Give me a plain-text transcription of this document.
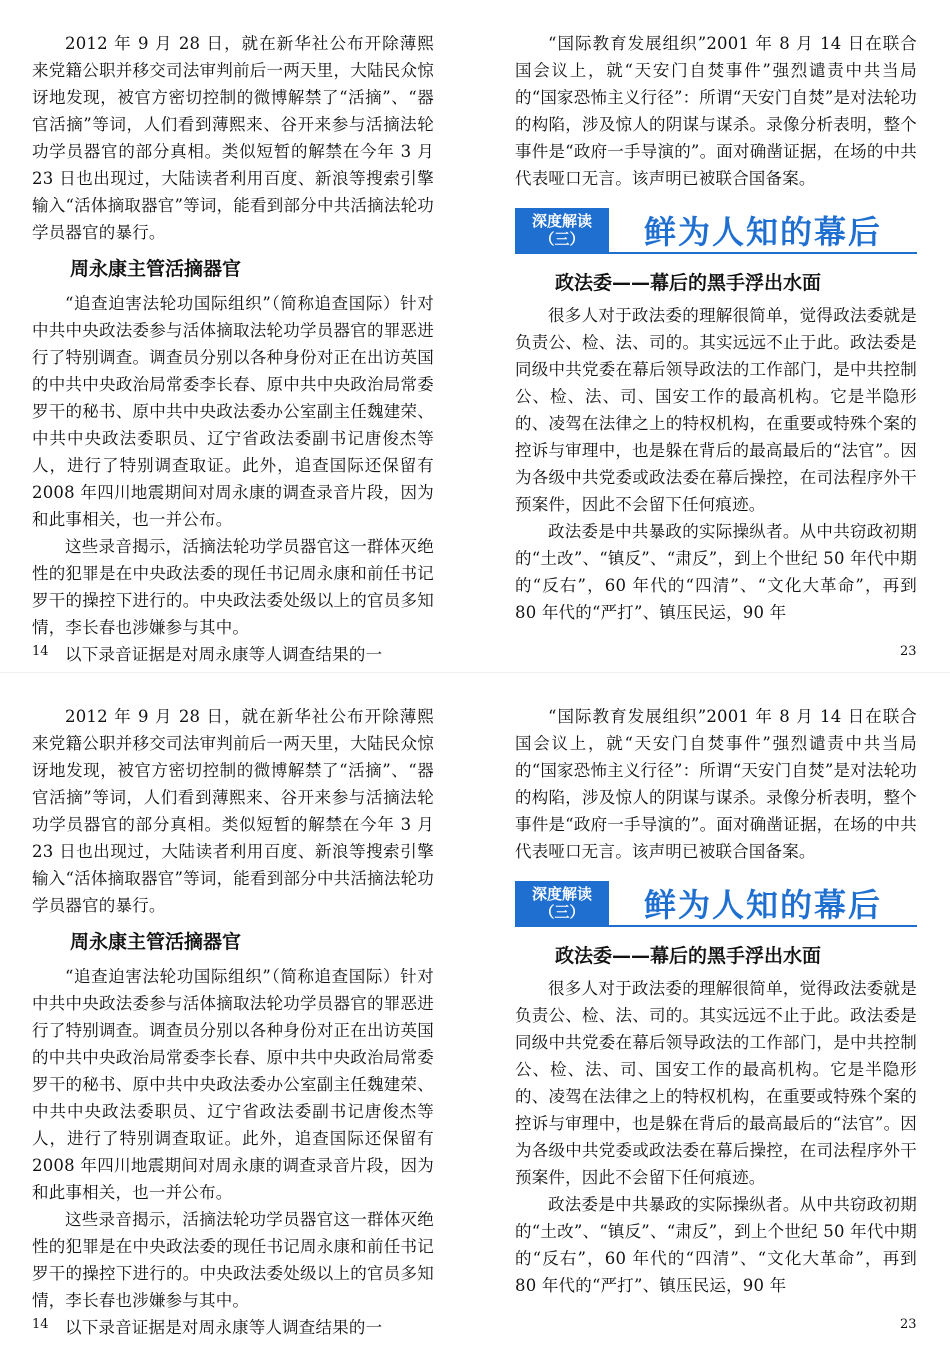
2012 年 9 月 28 日，就在新华社公布开除薄熙来党籍公职并移交司法审判前后一两天里，大陆民众惊讶地发现，被官方密切控制的微博解禁了“活摘”、“器官活摘”等词，人们看到薄熙来、谷开来参与活摘法轮功学员器官的部分真相。类似短暂的解禁在今年 3 月 23 日也出现过，大陆读者利用百度、新浪等搜索引擎输入“活体摘取器官”等词，能看到部分中共活摘法轮功学员器官的暴行。

周永康主管活摘器官

“追查迫害法轮功国际组织”（简称追查国际）针对中共中央政法委参与活体摘取法轮功学员器官的罪恶进行了特别调查。调查员分别以各种身份对正在出访英国的中共中央政治局常委李长春、原中共中央政治局常委罗干的秘书、原中共中央政法委办公室副主任魏建荣、中共中央政法委职员、辽宁省政法委副书记唐俊杰等人，进行了特别调查取证。此外，追查国际还保留有 2008 年四川地震期间对周永康的调查录音片段，因为和此事相关，也一并公布。

这些录音揭示，活摘法轮功学员器官这一群体灭绝性的犯罪是在中央政法委的现任书记周永康和前任书记罗干的操控下进行的。中央政法委处级以上的官员多知情，李长春也涉嫌参与其中。

以下录音证据是对周永康等人调查结果的一

“国际教育发展组织”2001 年 8 月 14 日在联合国会议上，就“天安门自焚事件”强烈谴责中共当局的“国家恐怖主义行径”：所谓“天安门自焚”是对法轮功的构陷，涉及惊人的阴谋与谋杀。录像分析表明，整个事件是“政府一手导演的”。面对确凿证据，在场的中共代表哑口无言。该声明已被联合国备案。

深度解读
（三）	鲜为人知的幕后
政法委——幕后的黑手浮出水面

很多人对于政法委的理解很简单，觉得政法委就是负责公、检、法、司的。其实远远不止于此。政法委是同级中共党委在幕后领导政法的工作部门，是中共控制公、检、法、司、国安工作的最高机构。它是半隐形的、凌驾在法律之上的特权机构，在重要或特殊个案的控诉与审理中，也是躲在背后的最高最后的“法官”。因为各级中共党委或政法委在幕后操控，在司法程序外干预案件，因此不会留下任何痕迹。

政法委是中共暴政的实际操纵者。从中共窃政初期的“土改”、“镇反”、“肃反”，到上个世纪 50 年代中期的“反右”，60 年代的“四清”、“文化大革命”，再到 80 年代的“严打”、镇压民运，90 年

14	23

2012 年 9 月 28 日，就在新华社公布开除薄熙来党籍公职并移交司法审判前后一两天里，大陆民众惊讶地发现，被官方密切控制的微博解禁了“活摘”、“器官活摘”等词，人们看到薄熙来、谷开来参与活摘法轮功学员器官的部分真相。类似短暂的解禁在今年 3 月 23 日也出现过，大陆读者利用百度、新浪等搜索引擎输入“活体摘取器官”等词，能看到部分中共活摘法轮功学员器官的暴行。

周永康主管活摘器官

“追查迫害法轮功国际组织”（简称追查国际）针对中共中央政法委参与活体摘取法轮功学员器官的罪恶进行了特别调查。调查员分别以各种身份对正在出访英国的中共中央政治局常委李长春、原中共中央政治局常委罗干的秘书、原中共中央政法委办公室副主任魏建荣、中共中央政法委职员、辽宁省政法委副书记唐俊杰等人，进行了特别调查取证。此外，追查国际还保留有 2008 年四川地震期间对周永康的调查录音片段，因为和此事相关，也一并公布。

这些录音揭示，活摘法轮功学员器官这一群体灭绝性的犯罪是在中央政法委的现任书记周永康和前任书记罗干的操控下进行的。中央政法委处级以上的官员多知情，李长春也涉嫌参与其中。

以下录音证据是对周永康等人调查结果的一

“国际教育发展组织”2001 年 8 月 14 日在联合国会议上，就“天安门自焚事件”强烈谴责中共当局的“国家恐怖主义行径”：所谓“天安门自焚”是对法轮功的构陷，涉及惊人的阴谋与谋杀。录像分析表明，整个事件是“政府一手导演的”。面对确凿证据，在场的中共代表哑口无言。该声明已被联合国备案。

深度解读
（三）	鲜为人知的幕后
政法委——幕后的黑手浮出水面

很多人对于政法委的理解很简单，觉得政法委就是负责公、检、法、司的。其实远远不止于此。政法委是同级中共党委在幕后领导政法的工作部门，是中共控制公、检、法、司、国安工作的最高机构。它是半隐形的、凌驾在法律之上的特权机构，在重要或特殊个案的控诉与审理中，也是躲在背后的最高最后的“法官”。因为各级中共党委或政法委在幕后操控，在司法程序外干预案件，因此不会留下任何痕迹。

政法委是中共暴政的实际操纵者。从中共窃政初期的“土改”、“镇反”、“肃反”，到上个世纪 50 年代中期的“反右”，60 年代的“四清”、“文化大革命”，再到 80 年代的“严打”、镇压民运，90 年

14	23
